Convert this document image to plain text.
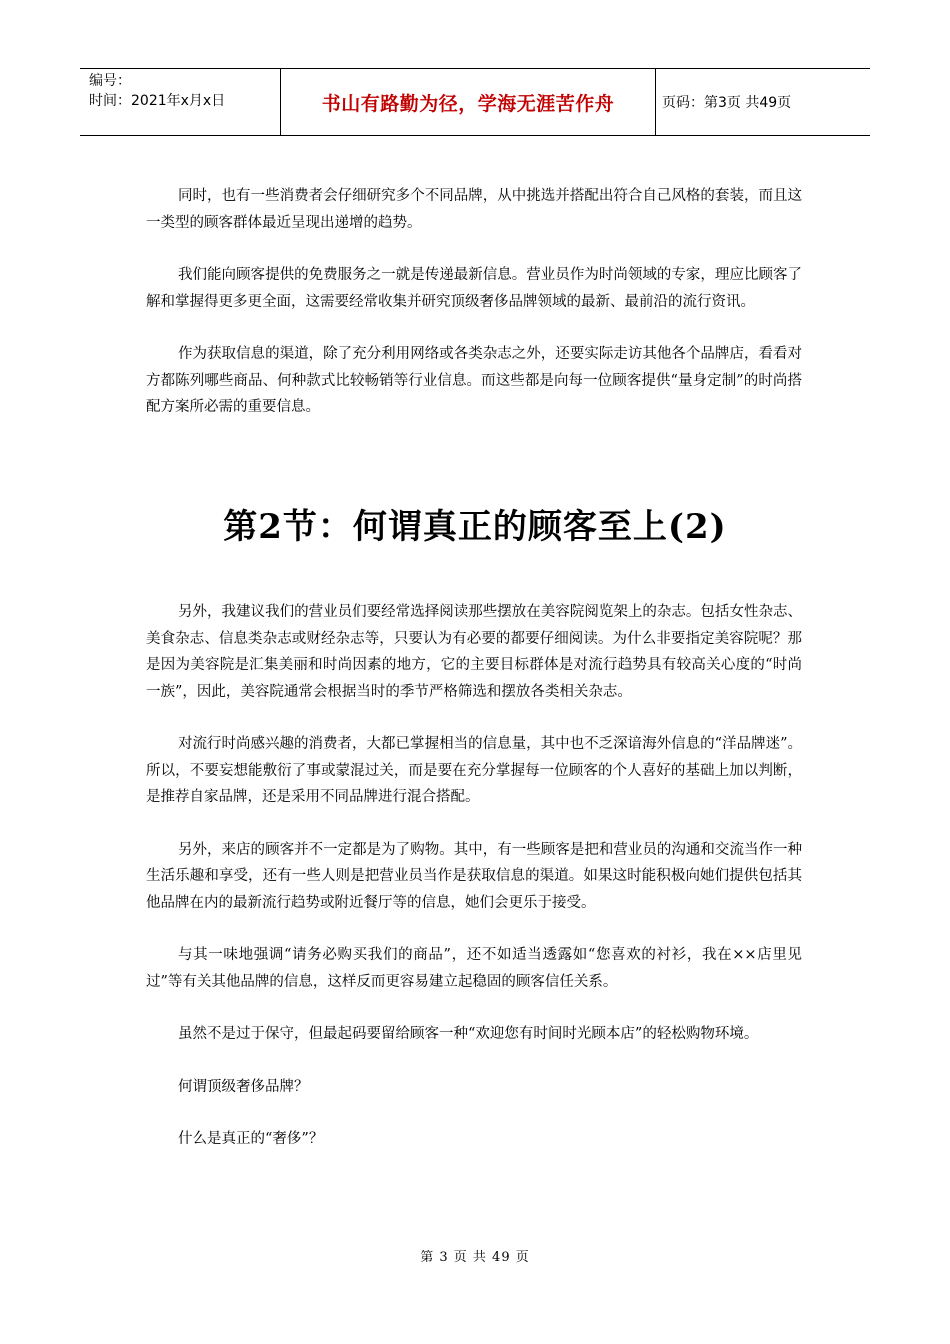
编号：
时间：2021年x月x日	书山有路勤为径，学海无涯苦作舟	页码：第3页 共49页

同时，也有一些消费者会仔细研究多个不同品牌，从中挑选并搭配出符合自己风格的套装，而且这一类型的顾客群体最近呈现出递增的趋势。

我们能向顾客提供的免费服务之一就是传递最新信息。营业员作为时尚领域的专家，理应比顾客了解和掌握得更多更全面，这需要经常收集并研究顶级奢侈品牌领域的最新、最前沿的流行资讯。

作为获取信息的渠道，除了充分利用网络或各类杂志之外，还要实际走访其他各个品牌店，看看对方都陈列哪些商品、何种款式比较畅销等行业信息。而这些都是向每一位顾客提供“量身定制”的时尚搭配方案所必需的重要信息。

第2节：何谓真正的顾客至上(2)

另外，我建议我们的营业员们要经常选择阅读那些摆放在美容院阅览架上的杂志。包括女性杂志、美食杂志、信息类杂志或财经杂志等，只要认为有必要的都要仔细阅读。为什么非要指定美容院呢？那是因为美容院是汇集美丽和时尚因素的地方，它的主要目标群体是对流行趋势具有较高关心度的“时尚一族”，因此，美容院通常会根据当时的季节严格筛选和摆放各类相关杂志。

对流行时尚感兴趣的消费者，大都已掌握相当的信息量，其中也不乏深谙海外信息的“洋品牌迷”。所以，不要妄想能敷衍了事或蒙混过关，而是要在充分掌握每一位顾客的个人喜好的基础上加以判断，是推荐自家品牌，还是采用不同品牌进行混合搭配。

另外，来店的顾客并不一定都是为了购物。其中，有一些顾客是把和营业员的沟通和交流当作一种生活乐趣和享受，还有一些人则是把营业员当作是获取信息的渠道。如果这时能积极向她们提供包括其他品牌在内的最新流行趋势或附近餐厅等的信息，她们会更乐于接受。

与其一味地强调“请务必购买我们的商品”，还不如适当透露如“您喜欢的衬衫，我在××店里见过”等有关其他品牌的信息，这样反而更容易建立起稳固的顾客信任关系。

虽然不是过于保守，但最起码要留给顾客一种“欢迎您有时间时光顾本店”的轻松购物环境。

何谓顶级奢侈品牌？

什么是真正的“奢侈”？

第 3 页 共 49 页
